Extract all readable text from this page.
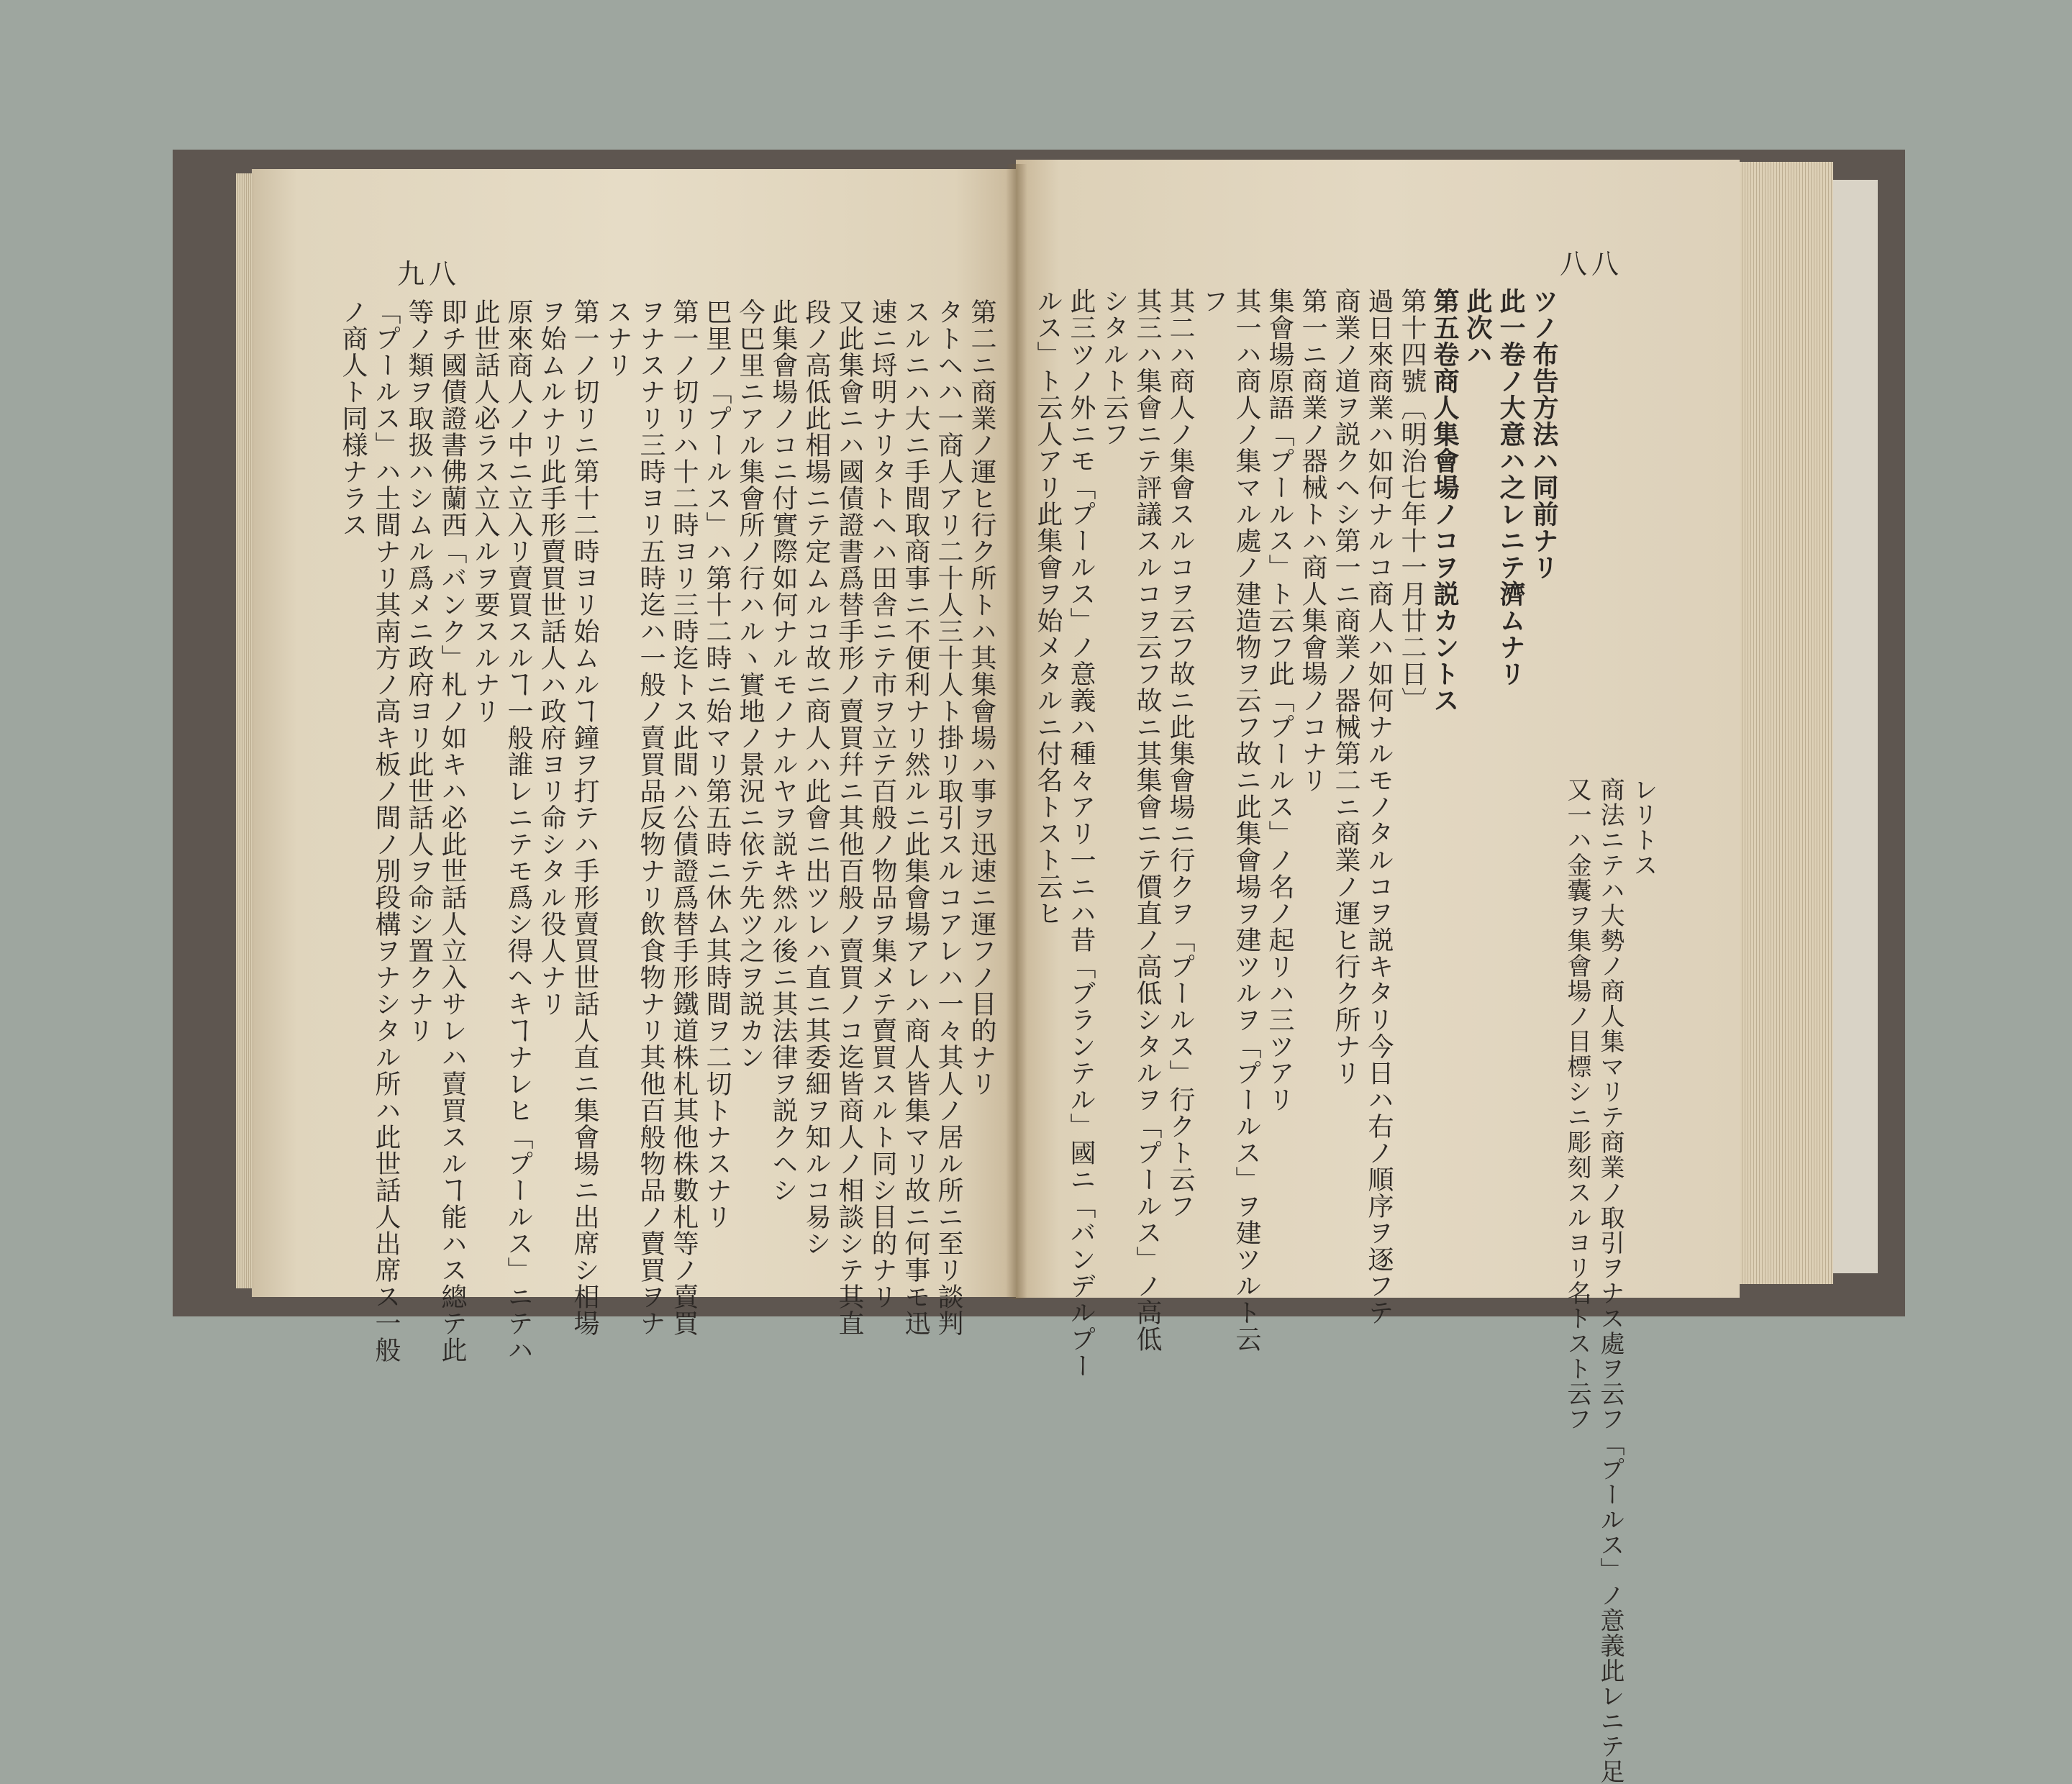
九八	八八
第二ニ商業ノ運ヒ行ク所トハ其集會場ハ事ヲ迅速ニ運フノ目的ナリ
タトヘハ一商人アリ二十人三十人ト掛リ取引スルコアレハ一々其人ノ居ル所ニ至リ談判
スルニハ大ニ手間取商事ニ不便利ナリ然ルニ此集會場アレハ商人皆集マリ故ニ何事モ迅
速ニ埒明ナリタトヘハ田舎ニテ市ヲ立テ百般ノ物品ヲ集メテ賣買スルト同シ目的ナリ
又此集會ニハ國債證書爲替手形ノ賣買幷ニ其他百般ノ賣買ノコ迄皆商人ノ相談シテ其直
段ノ高低此相場ニテ定ムルコ故ニ商人ハ此會ニ出ツレハ直ニ其委細ヲ知ルコ易シ
此集會場ノコニ付實際如何ナルモノナルヤヲ説キ然ル後ニ其法律ヲ説クヘシ
今巴里ニアル集會所ノ行ハルヽ實地ノ景況ニ依テ先ツ之ヲ説カン
巴里ノ「プールス」ハ第十二時ニ始マリ第五時ニ休ム其時間ヲ二切トナスナリ
第一ノ切リハ十二時ヨリ三時迄トス此間ハ公債證爲替手形鐵道株札其他株數札等ノ賣買
ヲナスナリ三時ヨリ五時迄ハ一般ノ賣買品反物ナリ飲食物ナリ其他百般物品ノ賣買ヲナ
スナリ
第一ノ切リニ第十二時ヨリ始ムルヿ鐘ヲ打テハ手形賣買世話人直ニ集會場ニ出席シ相場
ヲ始ムルナリ此手形賣買世話人ハ政府ヨリ命シタル役人ナリ
原來商人ノ中ニ立入リ賣買スルヿ一般誰レニテモ爲シ得ヘキヿナレヒ「プールス」ニテハ
此世話人必ラス立入ルヲ要スルナリ
即チ國債證書佛蘭西「バンク」札ノ如キハ必此世話人立入サレハ賣買スルヿ能ハス總テ此
等ノ類ヲ取扱ハシムル爲メニ政府ヨリ此世話人ヲ命シ置クナリ
「プールス」ハ土間ナリ其南方ノ高キ板ノ間ノ別段構ヲナシタル所ハ此世話人出席ス一般
ノ商人ト同様ナラス	ツノ布告方法ハ同前ナリ
此一卷ノ大意ハ之レニテ濟ムナリ
此次ハ
第五卷商人集會場ノコヲ説カントス
第十四號〔明治七年十一月廿二日〕
過日來商業ハ如何ナルコ商人ハ如何ナルモノタルコヲ説キタリ今日ハ右ノ順序ヲ逐フテ
商業ノ道ヲ説クヘシ第一ニ商業ノ器械第二ニ商業ノ運ヒ行ク所ナリ
第一ニ商業ノ器械トハ商人集會場ノコナリ
集會場原語「プールス」ト云フ此「プールス」ノ名ノ起リハ三ツアリ
其一ハ商人ノ集マル處ノ建造物ヲ云フ故ニ此集會場ヲ建ツルヲ「プールス」ヲ建ツルト云
フ
其二ハ商人ノ集會スルコヲ云フ故ニ此集會場ニ行クヲ「プールス」行クト云フ
其三ハ集會ニテ評議スルコヲ云フ故ニ其集會ニテ價直ノ高低シタルヲ「プールス」ノ高低
シタルト云フ
此三ツノ外ニモ「プールス」ノ意義ハ種々アリ一ニハ昔「ブランテル」國ニ「バンデルプー
ルス」ト云人アリ此集會ヲ始メタルニ付名トスト云ヒ
又一ハ金囊ヲ集會場ノ目標シニ彫刻スルヨリ名トスト云フ 商法ニテハ大勢ノ商人集マリテ商業ノ取引ヲナス處ヲ云フ「プールス」ノ意義此レニテ足 レリトス
